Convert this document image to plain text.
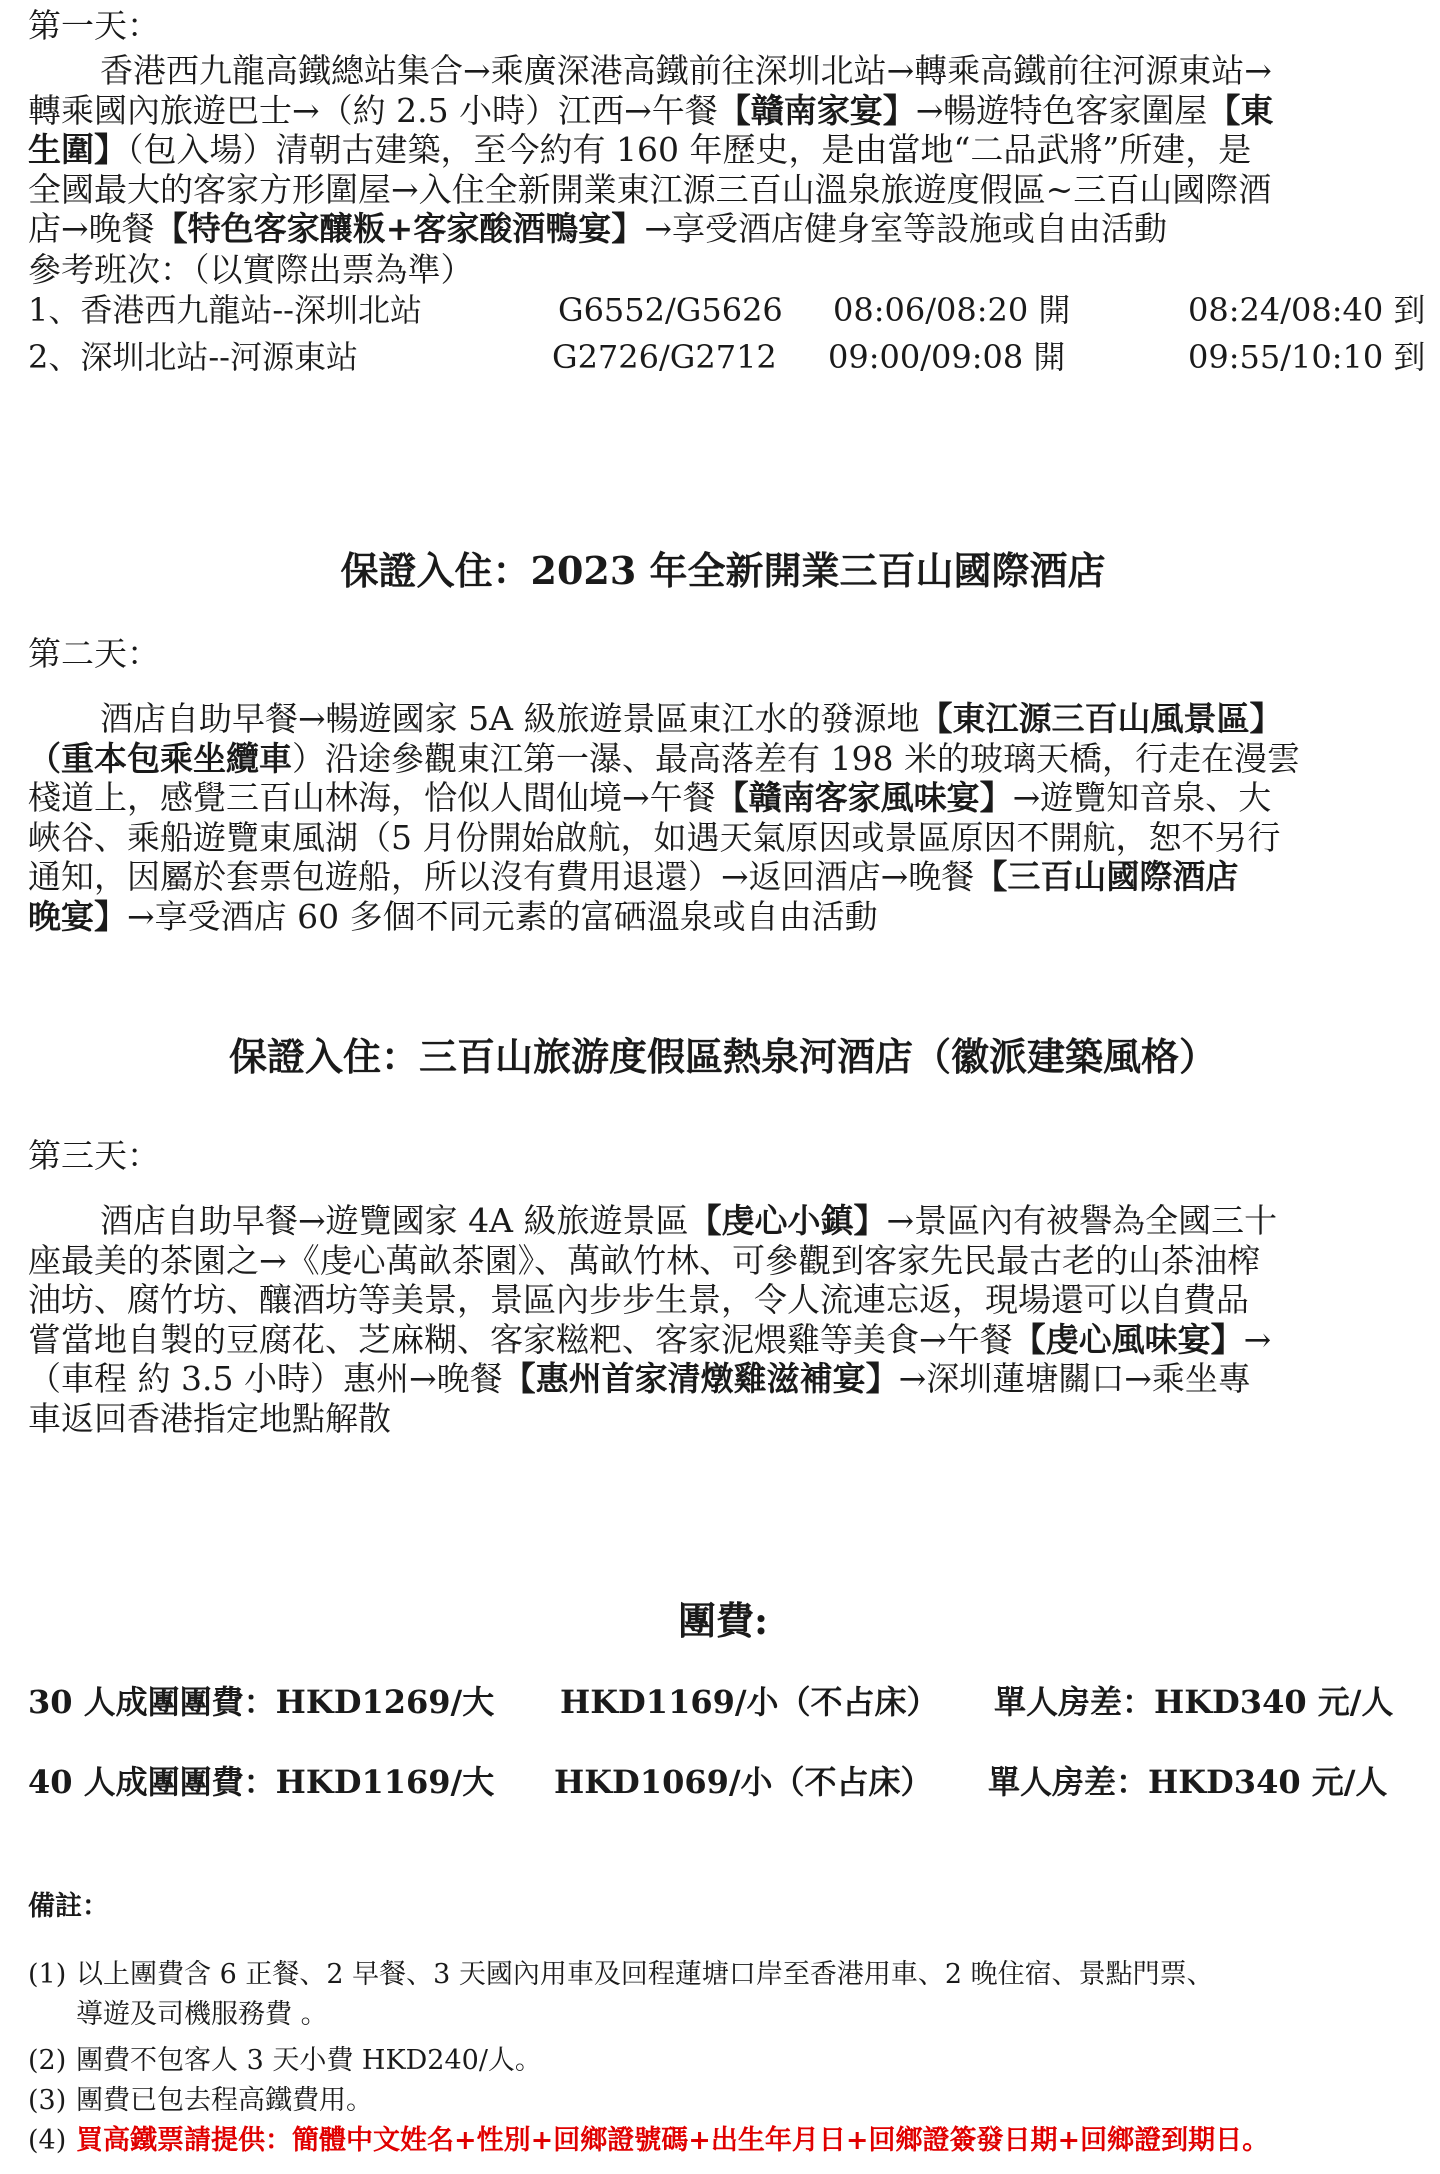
第一天：
香港西九龍高鐵總站集合→乘廣深港高鐵前往深圳北站→轉乘高鐵前往河源東站→
轉乘國內旅遊巴士→（約 2.5 小時）江西→午餐【贛南家宴】→暢遊特色客家圍屋【東
生圍】（包入場）清朝古建築，至今約有 160 年歷史，是由當地“二品武將”所建，是
全國最大的客家方形圍屋→入住全新開業東江源三百山溫泉旅遊度假區~三百山國際酒
店→晚餐【特色客家釀粄+客家酸酒鴨宴】→享受酒店健身室等設施或自由活動
參考班次：（以實際出票為準）
1、香港西九龍站--深圳北站	G6552/G5626 08:06/08:20 開	08:24/08:40 到
2、深圳北站--河源東站	G2726/G2712 09:00/09:08 開	09:55/10:10 到
保證入住：2023 年全新開業三百山國際酒店
第二天：
酒店自助早餐→暢遊國家 5A 級旅遊景區東江水的發源地【東江源三百山風景區】
（重本包乘坐纜車）沿途參觀東江第一瀑、最高落差有 198 米的玻璃天橋，行走在漫雲
棧道上，感覺三百山林海，恰似人間仙境→午餐【贛南客家風味宴】→遊覽知音泉、大
峽谷、乘船遊覽東風湖（5 月份開始啟航，如遇天氣原因或景區原因不開航，恕不另行
通知，因屬於套票包遊船，所以沒有費用退還）→返回酒店→晚餐【三百山國際酒店
晚宴】→享受酒店 60 多個不同元素的富硒溫泉或自由活動
保證入住：三百山旅游度假區熱泉河酒店（徽派建築風格）
第三天：
酒店自助早餐→遊覽國家 4A 級旅遊景區【虔心小鎮】→景區內有被譽為全國三十
座最美的茶園之→《虔心萬畝茶園》、萬畝竹林、可參觀到客家先民最古老的山茶油榨
油坊、腐竹坊、釀酒坊等美景，景區內步步生景，令人流連忘返，現場還可以自費品
嘗當地自製的豆腐花、芝麻糊、客家糍粑、客家泥煨雞等美食→午餐【虔心風味宴】→
（車程 約 3.5 小時）惠州→晚餐【惠州首家清燉雞滋補宴】→深圳蓮塘關口→乘坐專
車返回香港指定地點解散
團費:
30 人成團團費：HKD1269/大 HKD1169/小（不占床） 單人房差：HKD340 元/人
40 人成團團費：HKD1169/大 HKD1069/小（不占床） 單人房差：HKD340 元/人
備註：
(1) 以上團費含 6 正餐、2 早餐、3 天國內用車及回程蓮塘口岸至香港用車、2 晚住宿、景點門票、
導遊及司機服務費 。
(2) 團費不包客人 3 天小費 HKD240/人。
(3) 團費已包去程高鐵費用。
(4) 買高鐵票請提供：簡體中文姓名+性別+回鄉證號碼+出生年月日+回鄉證簽發日期+回鄉證到期日。
